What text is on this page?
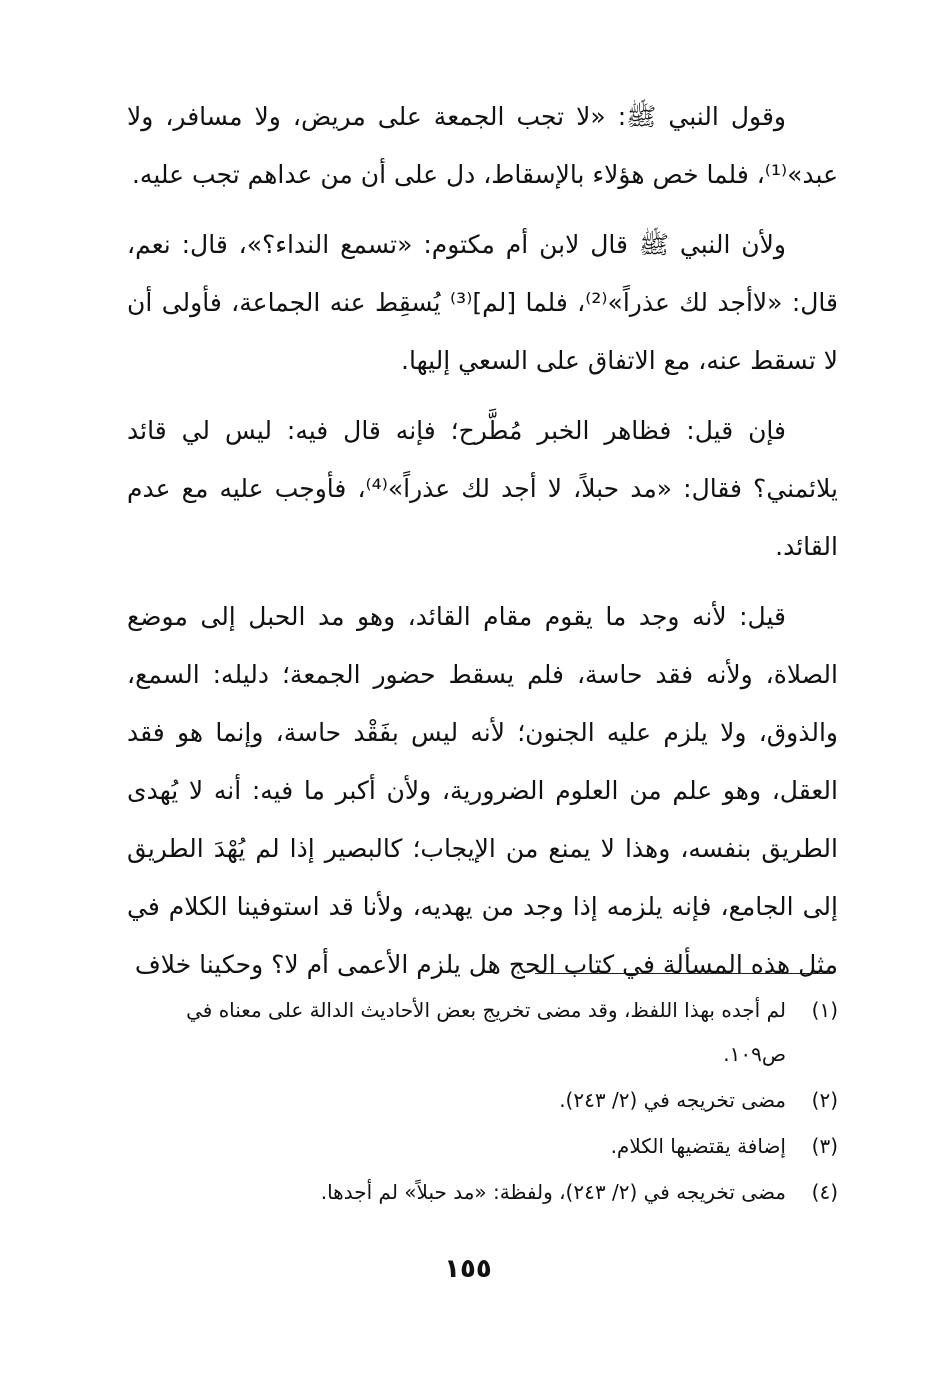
وقول النبي ﷺ: «لا تجب الجمعة على مريض، ولا مسافر، ولا عبد»⁽¹⁾، فلما خص هؤلاء بالإسقاط، دل على أن من عداهم تجب عليه.

ولأن النبي ﷺ قال لابن أم مكتوم: «تسمع النداء؟»، قال: نعم، قال: «لاأجد لك عذراً»⁽²⁾، فلما [لم]⁽³⁾ يُسقِط عنه الجماعة، فأولى أن لا تسقط عنه، مع الاتفاق على السعي إليها.

فإن قيل: فظاهر الخبر مُطَّرح؛ فإنه قال فيه: ليس لي قائد يلائمني؟ فقال: «مد حبلاً، لا أجد لك عذراً»⁽⁴⁾، فأوجب عليه مع عدم القائد.

قيل: لأنه وجد ما يقوم مقام القائد، وهو مد الحبل إلى موضع الصلاة، ولأنه فقد حاسة، فلم يسقط حضور الجمعة؛ دليله: السمع، والذوق، ولا يلزم عليه الجنون؛ لأنه ليس بفَقْد حاسة، وإنما هو فقد العقل، وهو علم من العلوم الضرورية، ولأن أكبر ما فيه: أنه لا يُهدى الطريق بنفسه، وهذا لا يمنع من الإيجاب؛ كالبصير إذا لم يُهْدَ الطريق إلى الجامع، فإنه يلزمه إذا وجد من يهديه، ولأنا قد استوفينا الكلام في مثل هذه المسألة في كتاب الحج هل يلزم الأعمى أم لا؟ وحكينا خلاف

(١)
لم أجده بهذا اللفظ، وقد مضى تخريج بعض الأحاديث الدالة على معناه في ص١٠٩.
(٢)
مضى تخريجه في (٢/ ٢٤٣).
(٣)
إضافة يقتضيها الكلام.
(٤)
مضى تخريجه في (٢/ ٢٤٣)، ولفظة: «مد حبلاً» لم أجدها.
١٥٥
